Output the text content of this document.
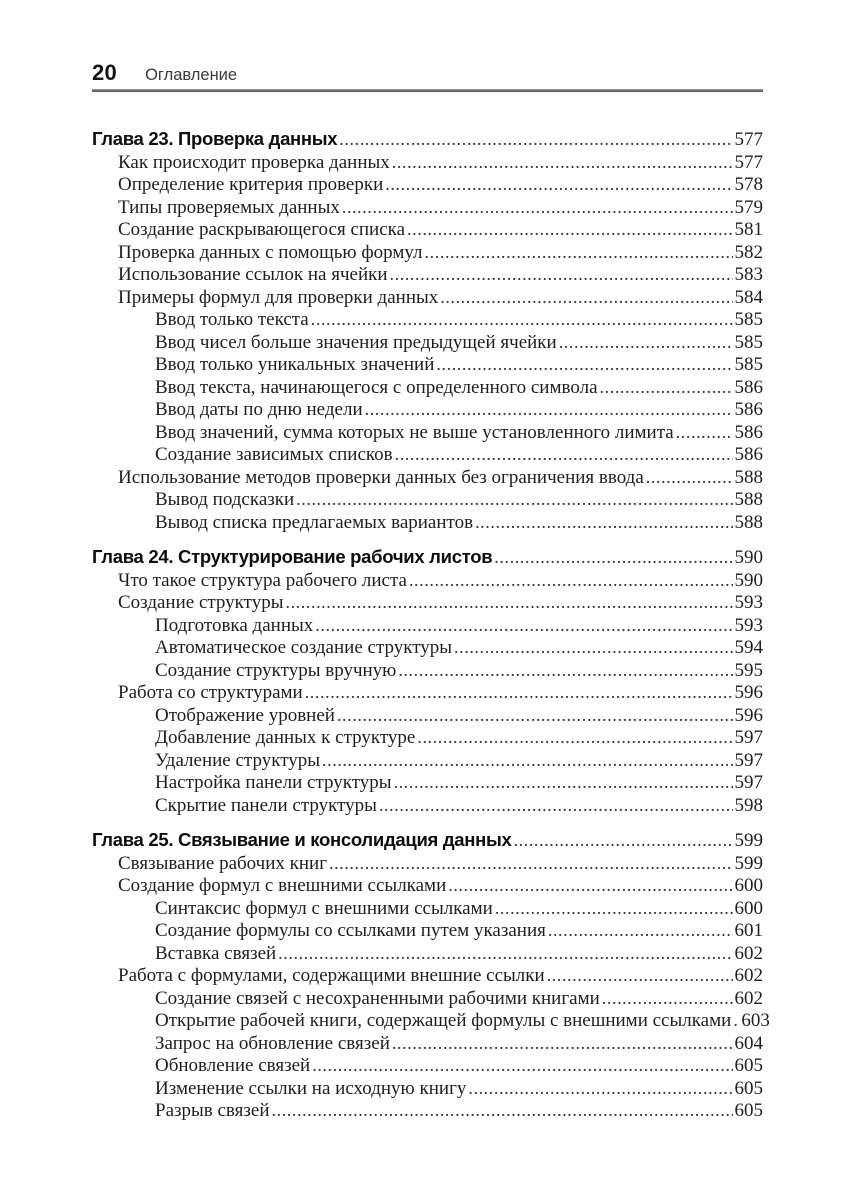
20 Оглавление
Глава 23. Проверка данных .....	577
Как происходит проверка данных .....	577
Определение критерия проверки .....	578
Типы проверяемых данных .....	579
Создание раскрывающегося списка .....	581
Проверка данных с помощью формул .....	582
Использование ссылок на ячейки .....	583
Примеры формул для проверки данных .....	584
Ввод только текста .....	585
Ввод чисел больше значения предыдущей ячейки .....	585
Ввод только уникальных значений .....	585
Ввод текста, начинающегося с определенного символа .....	586
Ввод даты по дню недели .....	586
Ввод значений, сумма которых не выше установленного лимита .....	586
Создание зависимых списков .....	586
Использование методов проверки данных без ограничения ввода .....	588
Вывод подсказки .....	588
Вывод списка предлагаемых вариантов .....	588
Глава 24. Структурирование рабочих листов .....	590
Что такое структура рабочего листа .....	590
Создание структуры .....	593
Подготовка данных .....	593
Автоматическое создание структуры .....	594
Создание структуры вручную .....	595
Работа со структурами .....	596
Отображение уровней .....	596
Добавление данных к структуре .....	597
Удаление структуры .....	597
Настройка панели структуры .....	597
Скрытие панели структуры .....	598
Глава 25. Связывание и консолидация данных .....	599
Связывание рабочих книг .....	599
Создание формул с внешними ссылками .....	600
Синтаксис формул с внешними ссылками .....	600
Создание формулы со ссылками путем указания .....	601
Вставка связей .....	602
Работа с формулами, содержащими внешние ссылки .....	602
Создание связей с несохраненными рабочими книгами .....	602
Открытие рабочей книги, содержащей формулы с внешними ссылками ..... 603
Запрос на обновление связей .....	604
Обновление связей .....	605
Изменение ссылки на исходную книгу .....	605
Разрыв связей .....	605
